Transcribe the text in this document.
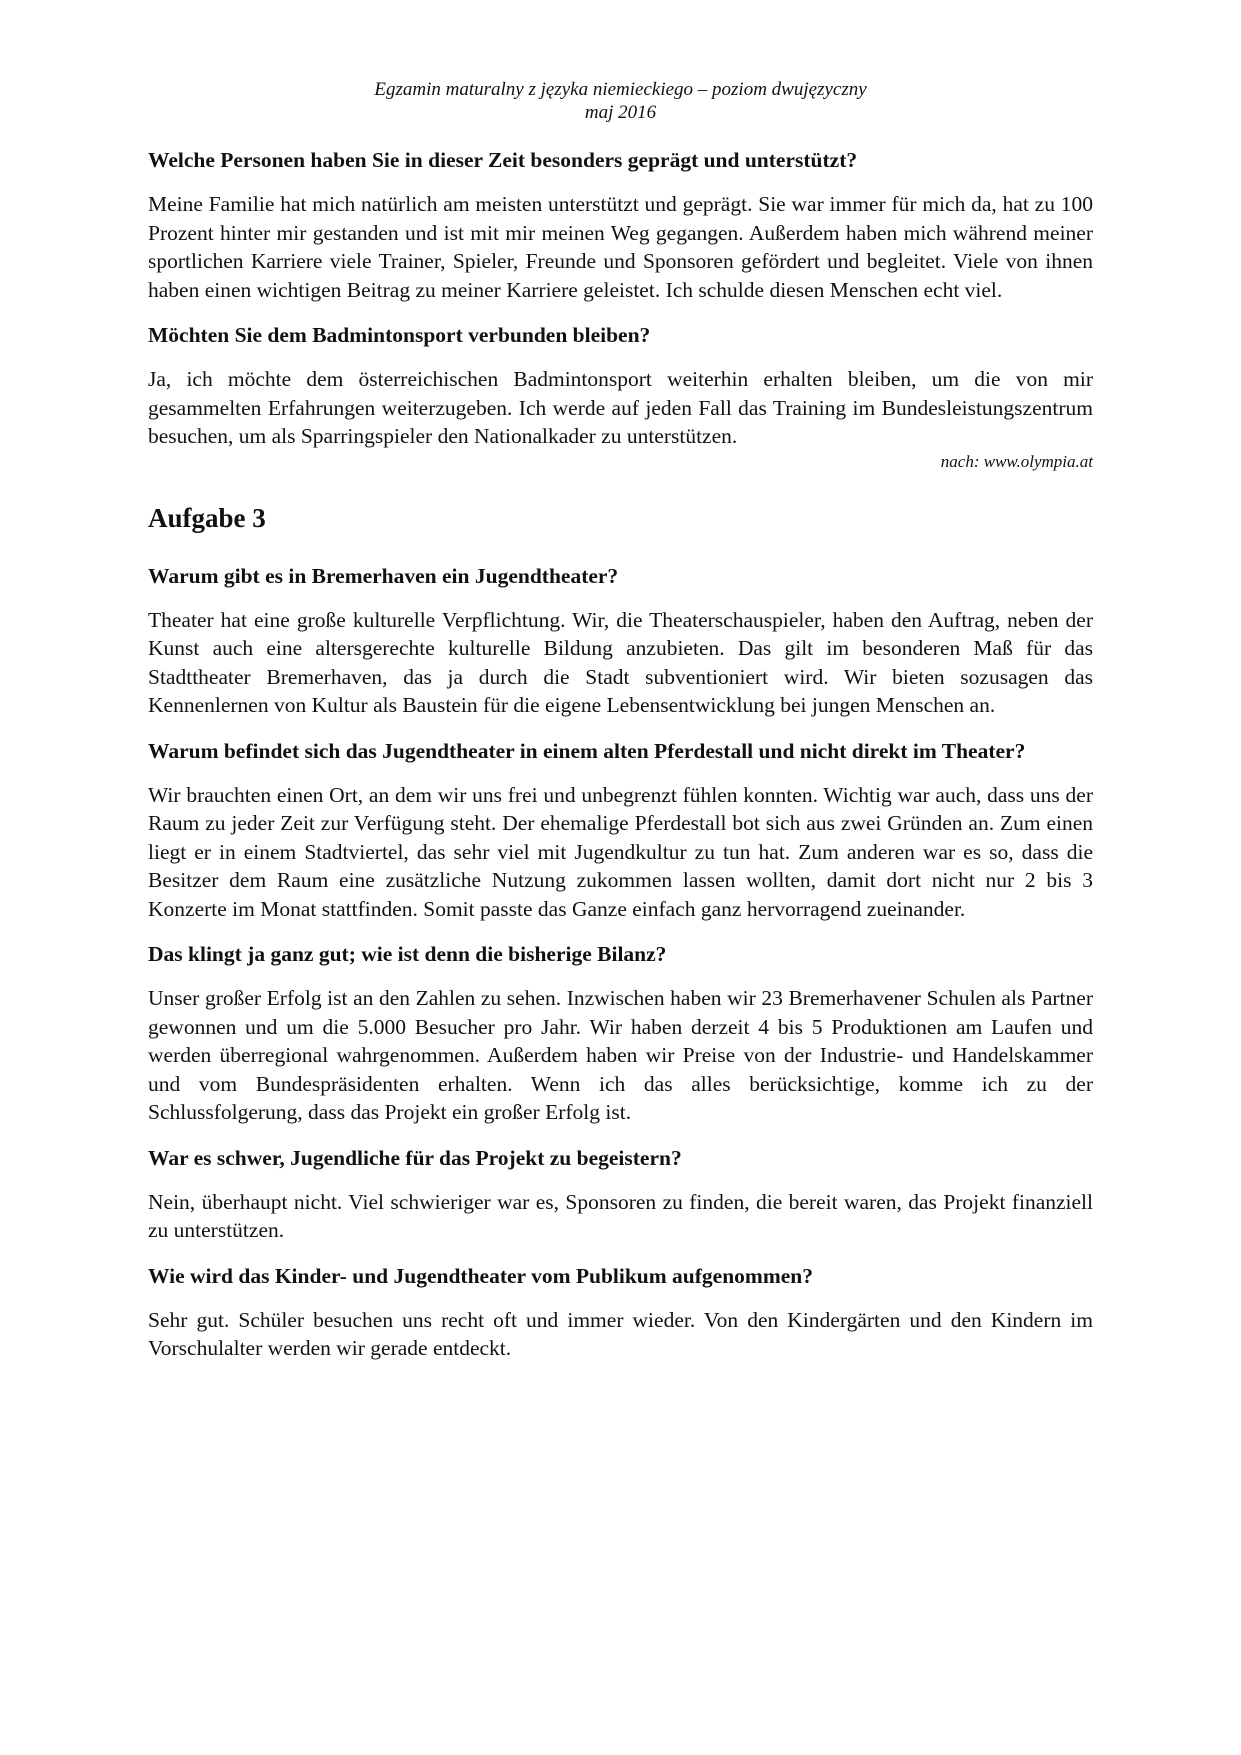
Egzamin maturalny z języka niemieckiego – poziom dwujęzyczny
maj 2016

Welche Personen haben Sie in dieser Zeit besonders geprägt und unterstützt?

Meine Familie hat mich natürlich am meisten unterstützt und geprägt. Sie war immer für mich da, hat zu 100 Prozent hinter mir gestanden und ist mit mir meinen Weg gegangen. Außerdem haben mich während meiner sportlichen Karriere viele Trainer, Spieler, Freunde und Sponsoren gefördert und begleitet. Viele von ihnen haben einen wichtigen Beitrag zu meiner Karriere geleistet. Ich schulde diesen Menschen echt viel.

Möchten Sie dem Badmintonsport verbunden bleiben?

Ja, ich möchte dem österreichischen Badmintonsport weiterhin erhalten bleiben, um die von mir gesammelten Erfahrungen weiterzugeben. Ich werde auf jeden Fall das Training im Bundesleistungszentrum besuchen, um als Sparringspieler den Nationalkader zu unterstützen.

nach: www.olympia.at

Aufgabe 3

Warum gibt es in Bremerhaven ein Jugendtheater?

Theater hat eine große kulturelle Verpflichtung. Wir, die Theaterschauspieler, haben den Auftrag, neben der Kunst auch eine altersgerechte kulturelle Bildung anzubieten. Das gilt im besonderen Maß für das Stadttheater Bremerhaven, das ja durch die Stadt subventioniert wird. Wir bieten sozusagen das Kennenlernen von Kultur als Baustein für die eigene Lebensentwicklung bei jungen Menschen an.

Warum befindet sich das Jugendtheater in einem alten Pferdestall und nicht direkt im Theater?

Wir brauchten einen Ort, an dem wir uns frei und unbegrenzt fühlen konnten. Wichtig war auch, dass uns der Raum zu jeder Zeit zur Verfügung steht. Der ehemalige Pferdestall bot sich aus zwei Gründen an. Zum einen liegt er in einem Stadtviertel, das sehr viel mit Jugendkultur zu tun hat. Zum anderen war es so, dass die Besitzer dem Raum eine zusätzliche Nutzung zukommen lassen wollten, damit dort nicht nur 2 bis 3 Konzerte im Monat stattfinden. Somit passte das Ganze einfach ganz hervorragend zueinander.

Das klingt ja ganz gut; wie ist denn die bisherige Bilanz?

Unser großer Erfolg ist an den Zahlen zu sehen. Inzwischen haben wir 23 Bremerhavener Schulen als Partner gewonnen und um die 5.000 Besucher pro Jahr. Wir haben derzeit 4 bis 5 Produktionen am Laufen und werden überregional wahrgenommen. Außerdem haben wir Preise von der Industrie- und Handelskammer und vom Bundespräsidenten erhalten. Wenn ich das alles berücksichtige, komme ich zu der Schlussfolgerung, dass das Projekt ein großer Erfolg ist.

War es schwer, Jugendliche für das Projekt zu begeistern?

Nein, überhaupt nicht. Viel schwieriger war es, Sponsoren zu finden, die bereit waren, das Projekt finanziell zu unterstützen.

Wie wird das Kinder- und Jugendtheater vom Publikum aufgenommen?

Sehr gut. Schüler besuchen uns recht oft und immer wieder. Von den Kindergärten und den Kindern im Vorschulalter werden wir gerade entdeckt.
